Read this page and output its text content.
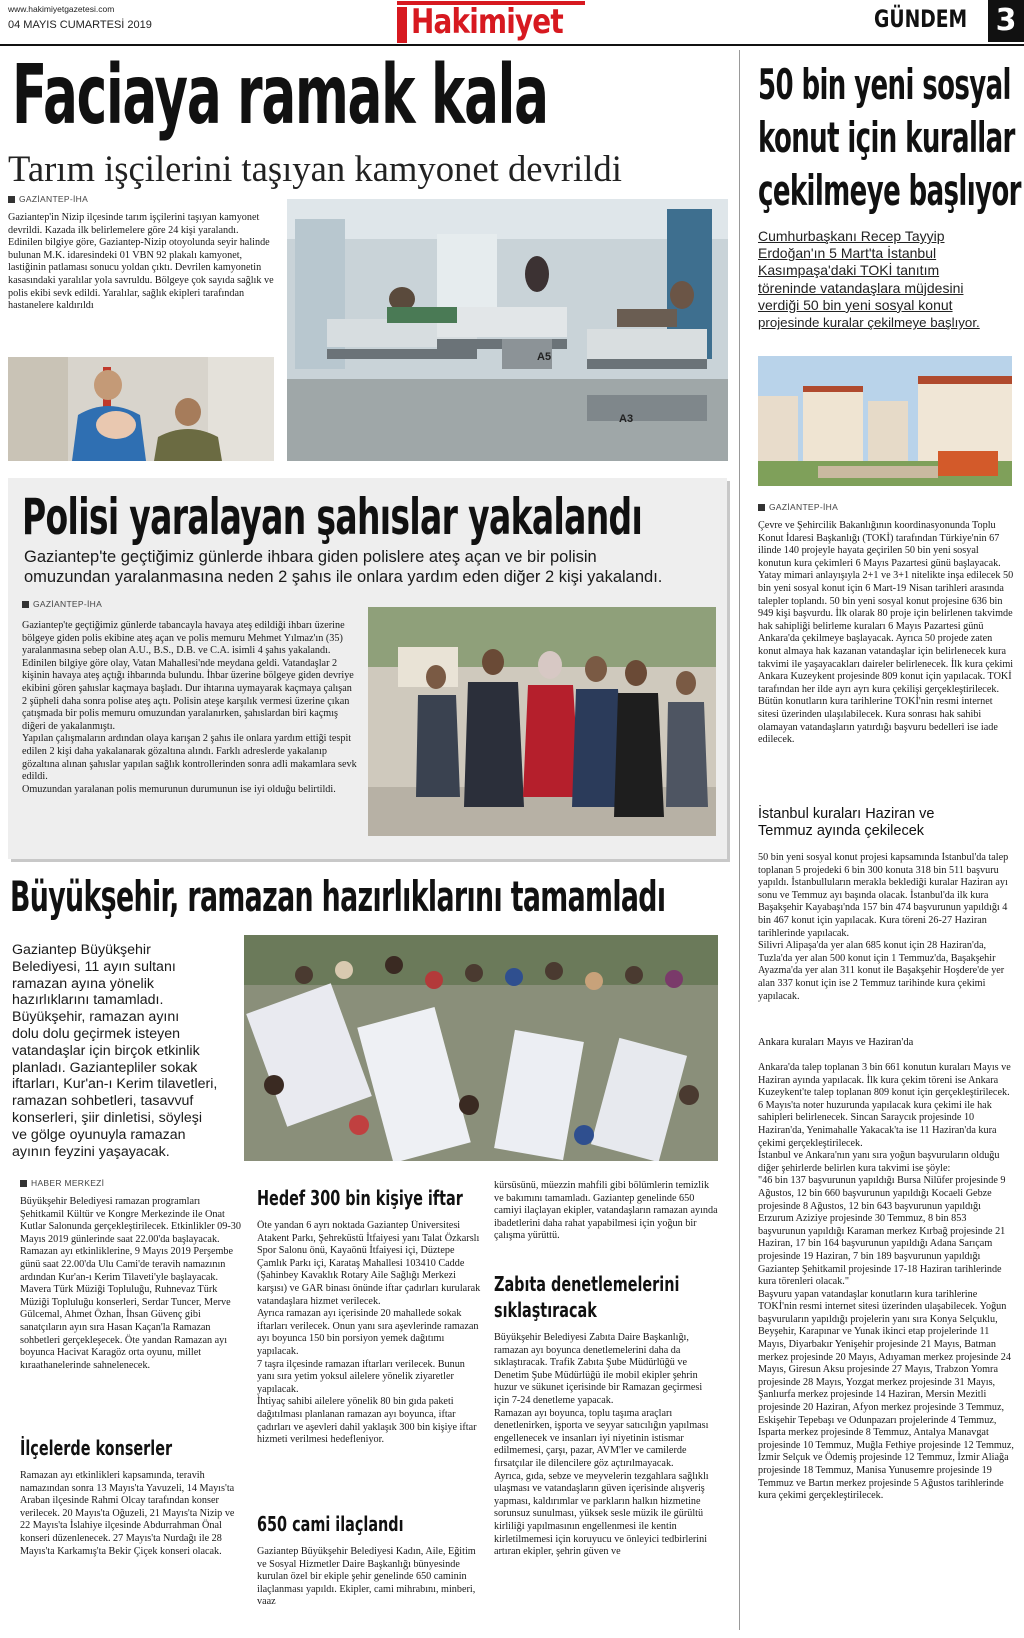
www.hakimiyetgazetesi.com
04 MAYIS CUMARTESİ 2019	Hakimiyet	GÜNDEM 3
Faciaya ramak kala
Tarım işçilerini taşıyan kamyonet devrildi
GAZİANTEP-İHA

Gaziantep'in Nizip ilçesinde tarım işçilerini taşıyan kamyonet devrildi. Kazada ilk belirlemelere göre 24 kişi yaralandı.
Edinilen bilgiye göre, Gaziantep-Nizip otoyolunda seyir halinde bulunan M.K. idaresindeki 01 VBN 92 plakalı kamyonet, lastiğinin patlaması sonucu yoldan çıktı. Devrilen kamyonetin kasasındaki yaralılar yola savruldu. Bölgeye çok sayıda sağlık ve polis ekibi sevk edildi. Yaralılar, sağlık ekipleri tarafından hastanelere kaldırıldı

A5
A3
50 bin yeni sosyal
konut için kurallar
çekilmeye başlıyor
Cumhurbaşkanı Recep Tayyip
Erdoğan'ın 5 Mart'ta İstanbul
Kasımpaşa'daki TOKİ tanıtım
töreninde vatandaşlara müjdesini
verdiği 50 bin yeni sosyal konut
projesinde kuralar çekilmeye başlıyor.
GAZİANTEP-İHA

Çevre ve Şehircilik Bakanlığının koordinasyonunda Toplu Konut İdaresi Başkanlığı (TOKİ) tarafından Türkiye'nin 67 ilinde 140 projeyle hayata geçirilen 50 bin yeni sosyal konutun kura çekimleri 6 Mayıs Pazartesi günü başlayacak. Yatay mimari anlayışıyla 2+1 ve 3+1 nitelikte inşa edilecek 50 bin yeni sosyal konut için 6 Mart-19 Nisan tarihleri arasında talepler toplandı. 50 bin yeni sosyal konut projesine 636 bin 949 kişi başvurdu. İlk olarak 80 proje için belirlenen takvimde hak sahipliği belirleme kuraları 6 Mayıs Pazartesi günü Ankara'da çekilmeye başlayacak. Ayrıca 50 projede zaten konut almaya hak kazanan vatandaşlar için belirlenecek kura takvimi ile yaşayacakları daireler belirlenecek. İlk kura çekimi Ankara Kuzeykent projesinde 809 konut için yapılacak. TOKİ tarafından her ilde ayrı ayrı kura çekilişi gerçekleştirilecek. Bütün konutların kura tarihlerine TOKİ'nin resmi internet sitesi üzerinden ulaşılabilecek. Kura sonrası hak sahibi olamayan vatandaşların yatırdığı başvuru bedelleri ise iade edilecek.

İstanbul kuraları Haziran ve Temmuz ayında çekilecek

50 bin yeni sosyal konut projesi kapsamında İstanbul'da talep toplanan 5 projedeki 6 bin 300 konuta 318 bin 511 başvuru yapıldı. İstanbulluların merakla beklediği kuralar Haziran ayı sonu ve Temmuz ayı başında olacak. İstanbul'da ilk kura Başakşehir Kayabaşı'nda 157 bin 474 başvurunun yapıldığı 4 bin 467 konut için yapılacak. Kura töreni 26-27 Haziran tarihlerinde yapılacak.
Silivri Alipaşa'da yer alan 685 konut için 28 Haziran'da, Tuzla'da yer alan 500 konut için 1 Temmuz'da, Başakşehir Ayazma'da yer alan 311 konut ile Başakşehir Hoşdere'de yer alan 337 konut için ise 2 Temmuz tarihinde kura çekimi yapılacak.

Ankara kuraları Mayıs ve Haziran'da

Ankara'da talep toplanan 3 bin 661 konutun kuraları Mayıs ve Haziran ayında yapılacak. İlk kura çekim töreni ise Ankara Kuzeykent'te talep toplanan 809 konut için gerçekleştirilecek. 6 Mayıs'ta noter huzurunda yapılacak kura çekimi ile hak sahipleri belirlenecek. Sincan Saraycık projesinde 10 Haziran'da, Yenimahalle Yakacak'ta ise 11 Haziran'da kura çekimi gerçekleştirilecek.
İstanbul ve Ankara'nın yanı sıra yoğun başvuruların olduğu diğer şehirlerde belirlen kura takvimi ise şöyle:
"46 bin 137 başvurunun yapıldığı Bursa Nilüfer projesinde 9 Ağustos, 12 bin 660 başvurunun yapıldığı Kocaeli Gebze projesinde 8 Ağustos, 12 bin 643 başvurunun yapıldığı Erzurum Aziziye projesinde 30 Temmuz, 8 bin 853 başvurunun yapıldığı Karaman merkez Kırbağ projesinde 21 Haziran, 17 bin 164 başvurunun yapıldığı Adana Sarıçam projesinde 19 Haziran, 7 bin 189 başvurunun yapıldığı Gaziantep Şehitkamil projesinde 17-18 Haziran tarihlerinde kura törenleri olacak."
Başvuru yapan vatandaşlar konutların kura tarihlerine TOKİ'nin resmi internet sitesi üzerinden ulaşabilecek. Yoğun başvuruların yapıldığı projelerin yanı sıra Konya Selçuklu, Beyşehir, Karapınar ve Yunak ikinci etap projelerinde 11 Mayıs, Diyarbakır Yenişehir projesinde 21 Mayıs, Batman merkez projesinde 20 Mayıs, Adıyaman merkez projesinde 24 Mayıs, Giresun Aksu projesinde 27 Mayıs, Trabzon Yomra projesinde 28 Mayıs, Yozgat merkez projesinde 31 Mayıs, Şanlıurfa merkez projesinde 14 Haziran, Mersin Mezitli projesinde 20 Haziran, Afyon merkez projesinde 3 Temmuz, Eskişehir Tepebaşı ve Odunpazarı projelerinde 4 Temmuz, Isparta merkez projesinde 8 Temmuz, Antalya Manavgat projesinde 10 Temmuz, Muğla Fethiye projesinde 12 Temmuz, İzmir Selçuk ve Ödemiş projesinde 12 Temmuz, İzmir Aliağa projesinde 18 Temmuz, Manisa Yunusemre projesinde 19 Temmuz ve Bartın merkez projesinde 5 Ağustos tarihlerinde kura çekimi gerçekleştirilecek.

Polisi yaralayan şahıslar yakalandı
Gaziantep'te geçtiğimiz günlerde ihbara giden polislere ateş açan ve bir polisin
omuzundan yaralanmasına neden 2 şahıs ile onlara yardım eden diğer 2 kişi yakalandı.
GAZİANTEP-İHA

Gaziantep'te geçtiğimiz günlerde tabancayla havaya ateş edildiği ihbarı üzerine bölgeye giden polis ekibine ateş açan ve polis memuru Mehmet Yılmaz'ın (35) yaralanmasına sebep olan A.U., B.S., D.B. ve C.A. isimli 4 şahıs yakalandı.
Edinilen bilgiye göre olay, Vatan Mahallesi'nde meydana geldi. Vatandaşlar 2 kişinin havaya ateş açtığı ihbarında bulundu. İhbar üzerine bölgeye giden devriye ekibini gören şahıslar kaçmaya başladı. Dur ihtarına uymayarak kaçmaya çalışan 2 şüpheli daha sonra polise ateş açtı. Polisin ateşe karşılık vermesi üzerine çıkan çatışmada bir polis memuru omuzundan yaralanırken, şahıslardan biri kaçmış diğeri de yakalanmıştı.
Yapılan çalışmaların ardından olaya karışan 2 şahıs ile onlara yardım ettiği tespit edilen 2 kişi daha yakalanarak gözaltına alındı. Farklı adreslerde yakalanıp gözaltına alınan şahıslar yapılan sağlık kontrollerinden sonra adli makamlara sevk edildi.
Omuzundan yaralanan polis memurunun durumunun ise iyi olduğu belirtildi.

Büyükşehir, ramazan hazırlıklarını tamamladı
Gaziantep Büyükşehir
Belediyesi, 11 ayın sultanı
ramazan ayına yönelik
hazırlıklarını tamamladı.
Büyükşehir, ramazan ayını
dolu dolu geçirmek isteyen
vatandaşlar için birçok etkinlik
planladı. Gaziantepliler sokak
iftarları, Kur'an-ı Kerim tilavetleri,
ramazan sohbetleri, tasavvuf
konserleri, şiir dinletisi, söyleşi
ve gölge oyunuyla ramazan
ayının feyzini yaşayacak.
HABER MERKEZİ

Büyükşehir Belediyesi ramazan programları Şehitkamil Kültür ve Kongre Merkezinde ile Onat Kutlar Salonunda gerçekleştirilecek. Etkinlikler 09-30 Mayıs 2019 günlerinde saat 22.00'da başlayacak.
Ramazan ayı etkinliklerine, 9 Mayıs 2019 Perşembe günü saat 22.00'da Ulu Cami'de teravih namazının ardından Kur'an-ı Kerim Tilaveti'yle başlayacak.
Mavera Türk Müziği Topluluğu, Ruhnevaz Türk Müziği Topluluğu konserleri, Serdar Tuncer, Merve Gülcemal, Ahmet Özhan, İhsan Güvenç gibi sanatçıların ayın sıra Hasan Kaçan'la Ramazan sohbetleri gerçekleşecek. Öte yandan Ramazan ayı boyunca Hacivat Karagöz orta oyunu, millet kıraathanelerinde sahnelenecek.

İlçelerde konserler

Ramazan ayı etkinlikleri kapsamında, teravih namazından sonra 13 Mayıs'ta Yavuzeli, 14 Mayıs'ta Araban ilçesinde Rahmi Olcay tarafından konser verilecek. 20 Mayıs'ta Oğuzeli, 21 Mayıs'ta Nizip ve 22 Mayıs'ta İslahiye ilçesinde Abdurrahman Önal konseri düzenlenecek. 27 Mayıs'ta Nurdağı ile 28 Mayıs'ta Karkamış'ta Bekir Çiçek konseri olacak.

Hedef 300 bin kişiye iftar

Öte yandan 6 ayrı noktada Gaziantep Üniversitesi Atakent Parkı, Şehreküstü İtfaiyesi yanı Talat Özkarslı Spor Salonu önü, Kayaönü İtfaiyesi içi, Düztepe Çamlık Parkı içi, Karataş Mahallesi 103410 Cadde (Şahinbey Kavaklık Rotary Aile Sağlığı Merkezi karşısı) ve GAR binası önünde iftar çadırları kurularak vatandaşlara hizmet verilecek.
Ayrıca ramazan ayı içerisinde 20 mahallede sokak iftarları verilecek. Onun yanı sıra aşevlerinde ramazan ayı boyunca 150 bin porsiyon yemek dağıtımı yapılacak.
7 taşra ilçesinde ramazan iftarları verilecek. Bunun yanı sıra yetim yoksul ailelere yönelik ziyaretler yapılacak.
İhtiyaç sahibi ailelere yönelik 80 bin gıda paketi dağıtılması planlanan ramazan ayı boyunca, iftar çadırları ve aşevleri dahil yaklaşık 300 bin kişiye iftar hizmeti verilmesi hedefleniyor.

650 cami ilaçlandı

Gaziantep Büyükşehir Belediyesi Kadın, Aile, Eğitim ve Sosyal Hizmetler Daire Başkanlığı bünyesinde kurulan özel bir ekiple şehir genelinde 650 caminin ilaçlanması yapıldı. Ekipler, cami mihrabını, minberi, vaaz

kürsüsünü, müezzin mahfili gibi bölümlerin temizlik ve bakımını tamamladı. Gaziantep genelinde 650 camiyi ilaçlayan ekipler, vatandaşların ramazan ayında ibadetlerini daha rahat yapabilmesi için yoğun bir çalışma yürüttü.

Zabıta denetlemelerini
sıklaştıracak

Büyükşehir Belediyesi Zabıta Daire Başkanlığı, ramazan ayı boyunca denetlemelerini daha da sıklaştıracak. Trafik Zabıta Şube Müdürlüğü ve Denetim Şube Müdürlüğü ile mobil ekipler şehrin huzur ve sükunet içerisinde bir Ramazan geçirmesi için 7-24 denetleme yapacak.
Ramazan ayı boyunca, toplu taşıma araçları denetlenirken, işporta ve seyyar satıcılığın yapılması engellenecek ve insanları iyi niyetinin istismar edilmemesi, çarşı, pazar, AVM'ler ve camilerde fırsatçılar ile dilencilere göz açtırılmayacak.
Ayrıca, gıda, sebze ve meyvelerin tezgahlara sağlıklı ulaşması ve vatandaşların güven içerisinde alışveriş yapması, kaldırımlar ve parkların halkın hizmetine sorunsuz sunulması, yüksek sesle müzik ile gürültü kirliliği yapılmasının engellenmesi ile kentin kirletilmemesi için koruyucu ve önleyici tedbirlerini artıran ekipler, şehrin güven ve
